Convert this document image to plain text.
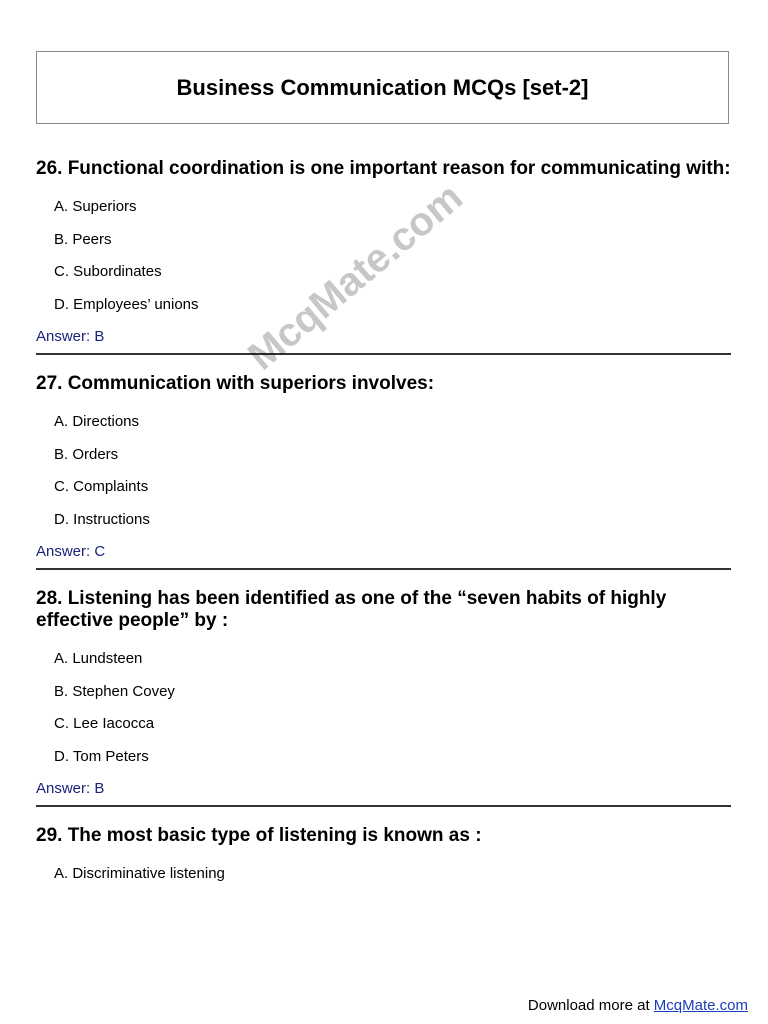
Business Communication MCQs [set-2]

26. Functional coordination is one important reason for communicating with:

A. Superiors
B. Peers
C. Subordinates
D. Employees’ unions
Answer: B

27. Communication with superiors involves:

A. Directions
B. Orders
C. Complaints
D. Instructions
Answer: C

28. Listening has been identified as one of the “seven habits of highly effective people” by :

A. Lundsteen
B. Stephen Covey
C. Lee Iacocca
D. Tom Peters
Answer: B

29. The most basic type of listening is known as :

A. Discriminative listening
McqMate.com
Download more at McqMate.com
